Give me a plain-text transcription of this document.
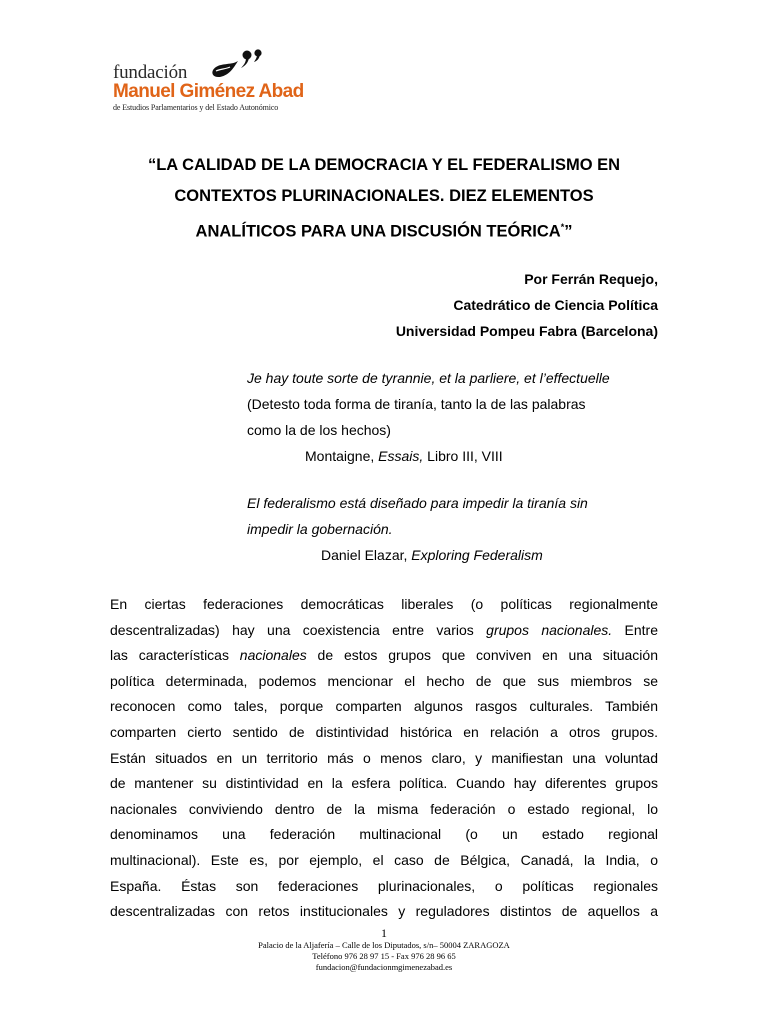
fundación
Manuel Giménez Abad
de Estudios Parlamentarios y del Estado Autonómico
“LA CALIDAD DE LA DEMOCRACIA Y EL FEDERALISMO EN
CONTEXTOS PLURINACIONALES. DIEZ ELEMENTOS
ANALÍTICOS PARA UNA DISCUSIÓN TEÓRICA*”
Por Ferrán Requejo,
Catedrático de Ciencia Política
Universidad Pompeu Fabra (Barcelona)
Je hay toute sorte de tyrannie, et la parliere, et l’effectuelle
(Detesto toda forma de tiranía, tanto la de las palabras
como la de los hechos)
Montaigne, Essais, Libro III, VIII
El federalismo está diseñado para impedir la tiranía sin
impedir la gobernación.
Daniel Elazar, Exploring Federalism
En ciertas federaciones democráticas liberales (o políticas regionalmente
descentralizadas) hay una coexistencia entre varios grupos nacionales. Entre
las características nacionales de estos grupos que conviven en una situación
política determinada, podemos mencionar el hecho de que sus miembros se
reconocen como tales, porque comparten algunos rasgos culturales. También
comparten cierto sentido de distintividad histórica en relación a otros grupos.
Están situados en un territorio más o menos claro, y manifiestan una voluntad
de mantener su distintividad en la esfera política. Cuando hay diferentes grupos
nacionales conviviendo dentro de la misma federación o estado regional, lo
denominamos una federación multinacional (o un estado regional
multinacional). Este es, por ejemplo, el caso de Bélgica, Canadá, la India, o
España. Éstas son federaciones plurinacionales, o políticas regionales
descentralizadas con retos institucionales y reguladores distintos de aquellos a
1
Palacio de la Aljafería – Calle de los Diputados, s/n– 50004 ZARAGOZA
Teléfono 976 28 97 15 - Fax 976 28 96 65
fundacion@fundacionmgimenezabad.es
